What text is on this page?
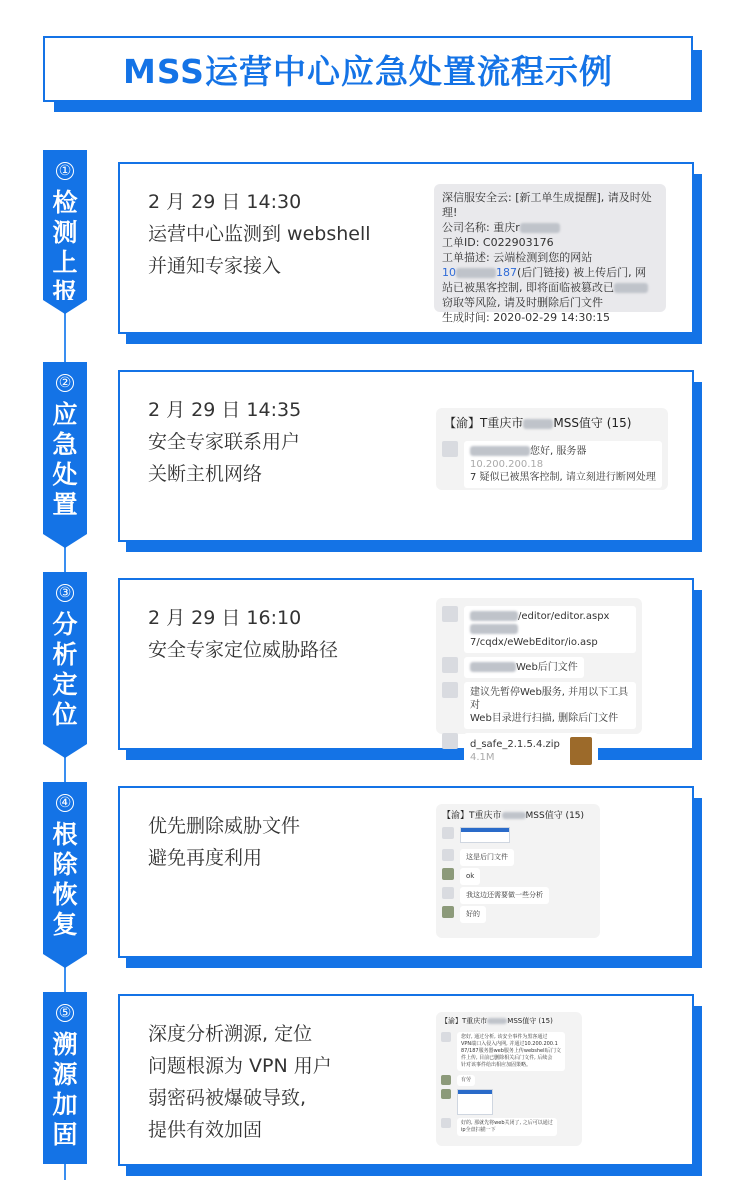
MSS运营中心应急处置流程示例
①
检
测
上
报
2 月 29 日 14:30
运营中心监测到 webshell
并通知专家接入
深信服安全云: [新工单生成提醒], 请及时处理!
公司名称: 重庆r
工单ID: C022903176
工单描述: 云端检测到您的网站
10	187(后门链接) 被上传后门, 网
站已被黑客控制, 即将面临被篡改已
窃取等风险, 请及时删除后门文件
生成时间: 2020-02-29 14:30:15
②
应
急
处
置
2 月 29 日 14:35
安全专家联系用户
关断主机网络
【渝】T重庆市	MSS值守 (15)
您好, 服务器10.200.200.18
7 疑似已被黑客控制, 请立刻进行断网处理
③
分
析
定
位
2 月 29 日 16:10
安全专家定位威胁路径
/editor/editor.aspx
7/cqdx/eWebEditor/io.asp
Web后门文件
建议先暂停Web服务, 并用以下工具对
Web目录进行扫描, 删除后门文件
d_safe_2.1.5.4.zip
4.1M
④
根
除
恢
复
优先删除威胁文件
避免再度利用
【渝】T重庆市	MSS值守 (15)
这是后门文件
ok
我这边还需要做一些分析
好的
⑤
溯
源
加
固
深度分析溯源, 定位
问题根源为 VPN 用户
弱密码被爆破导致,
提供有效加固
【渝】T重庆市	MSS值守 (15)
您好, 通过分析, 该安全事件为黑客通过
VPN端口入侵入内网, 并通过10.200.200.1
87/187服务器web服务上传webshell后门文
件上传, 目前已删除相关后门文件, 后续会
针对该事件给出相应加固策略。
有劳
好的, 那就先将web关闭了, 之后可以通过
ip全盘扫描一下
